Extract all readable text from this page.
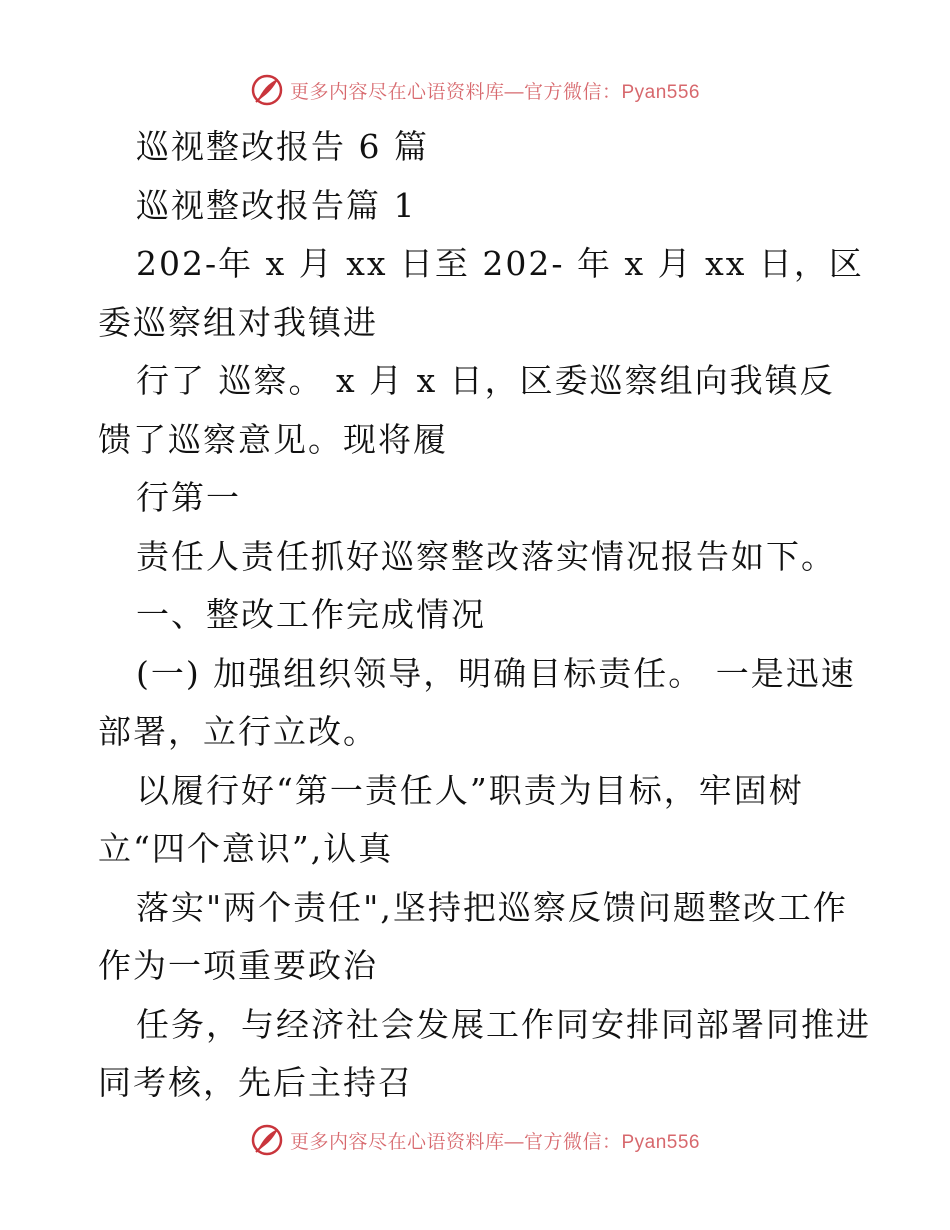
更多内容尽在心语资料库—官方微信：Pyan556
巡视整改报告 6 篇
巡视整改报告篇 1
202-年 x 月 xx 日至 202- 年 x 月 xx 日，区
委巡察组对我镇进
行了 巡察。 x 月 x 日，区委巡察组向我镇反
馈了巡察意见。现将履
行第一
责任人责任抓好巡察整改落实情况报告如下。
一、整改工作完成情况
(一) 加强组织领导，明确目标责任。 一是迅速
部署，立行立改。
以履行好“第一责任人”职责为目标，牢固树
立“四个意识”,认真
落实"两个责任",坚持把巡察反馈问题整改工作
作为一项重要政治
任务，与经济社会发展工作同安排同部署同推进
同考核，先后主持召
更多内容尽在心语资料库—官方微信：Pyan556
